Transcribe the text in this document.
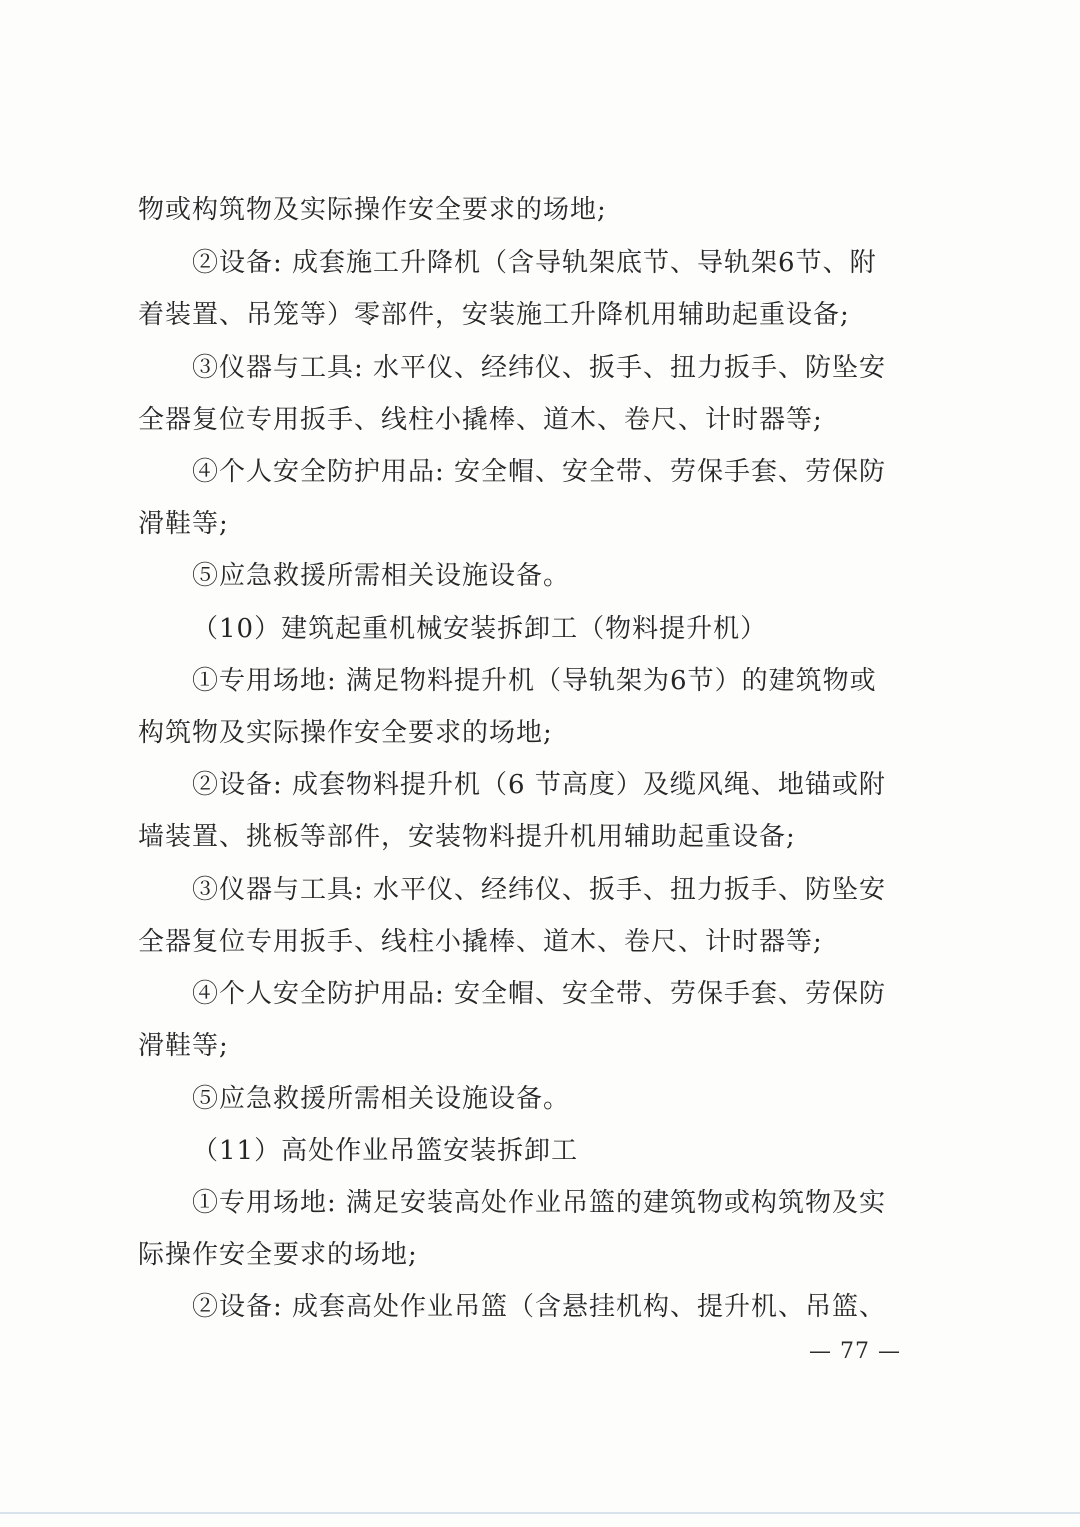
物或构筑物及实际操作安全要求的场地;
②设备: 成套施工升降机（含导轨架底节、导轨架6节、附
着装置、吊笼等）零部件，安装施工升降机用辅助起重设备;
③仪器与工具: 水平仪、经纬仪、扳手、扭力扳手、防坠安
全器复位专用扳手、线柱小撬棒、道木、卷尺、计时器等;
④个人安全防护用品: 安全帽、安全带、劳保手套、劳保防
滑鞋等;
⑤应急救援所需相关设施设备。
（10）建筑起重机械安装拆卸工（物料提升机）
①专用场地: 满足物料提升机（导轨架为6节）的建筑物或
构筑物及实际操作安全要求的场地;
②设备: 成套物料提升机（6 节高度）及缆风绳、地锚或附
墙装置、挑板等部件，安装物料提升机用辅助起重设备;
③仪器与工具: 水平仪、经纬仪、扳手、扭力扳手、防坠安
全器复位专用扳手、线柱小撬棒、道木、卷尺、计时器等;
④个人安全防护用品: 安全帽、安全带、劳保手套、劳保防
滑鞋等;
⑤应急救援所需相关设施设备。
（11）高处作业吊篮安装拆卸工
①专用场地: 满足安装高处作业吊篮的建筑物或构筑物及实
际操作安全要求的场地;
②设备: 成套高处作业吊篮（含悬挂机构、提升机、吊篮、
— 77 —
